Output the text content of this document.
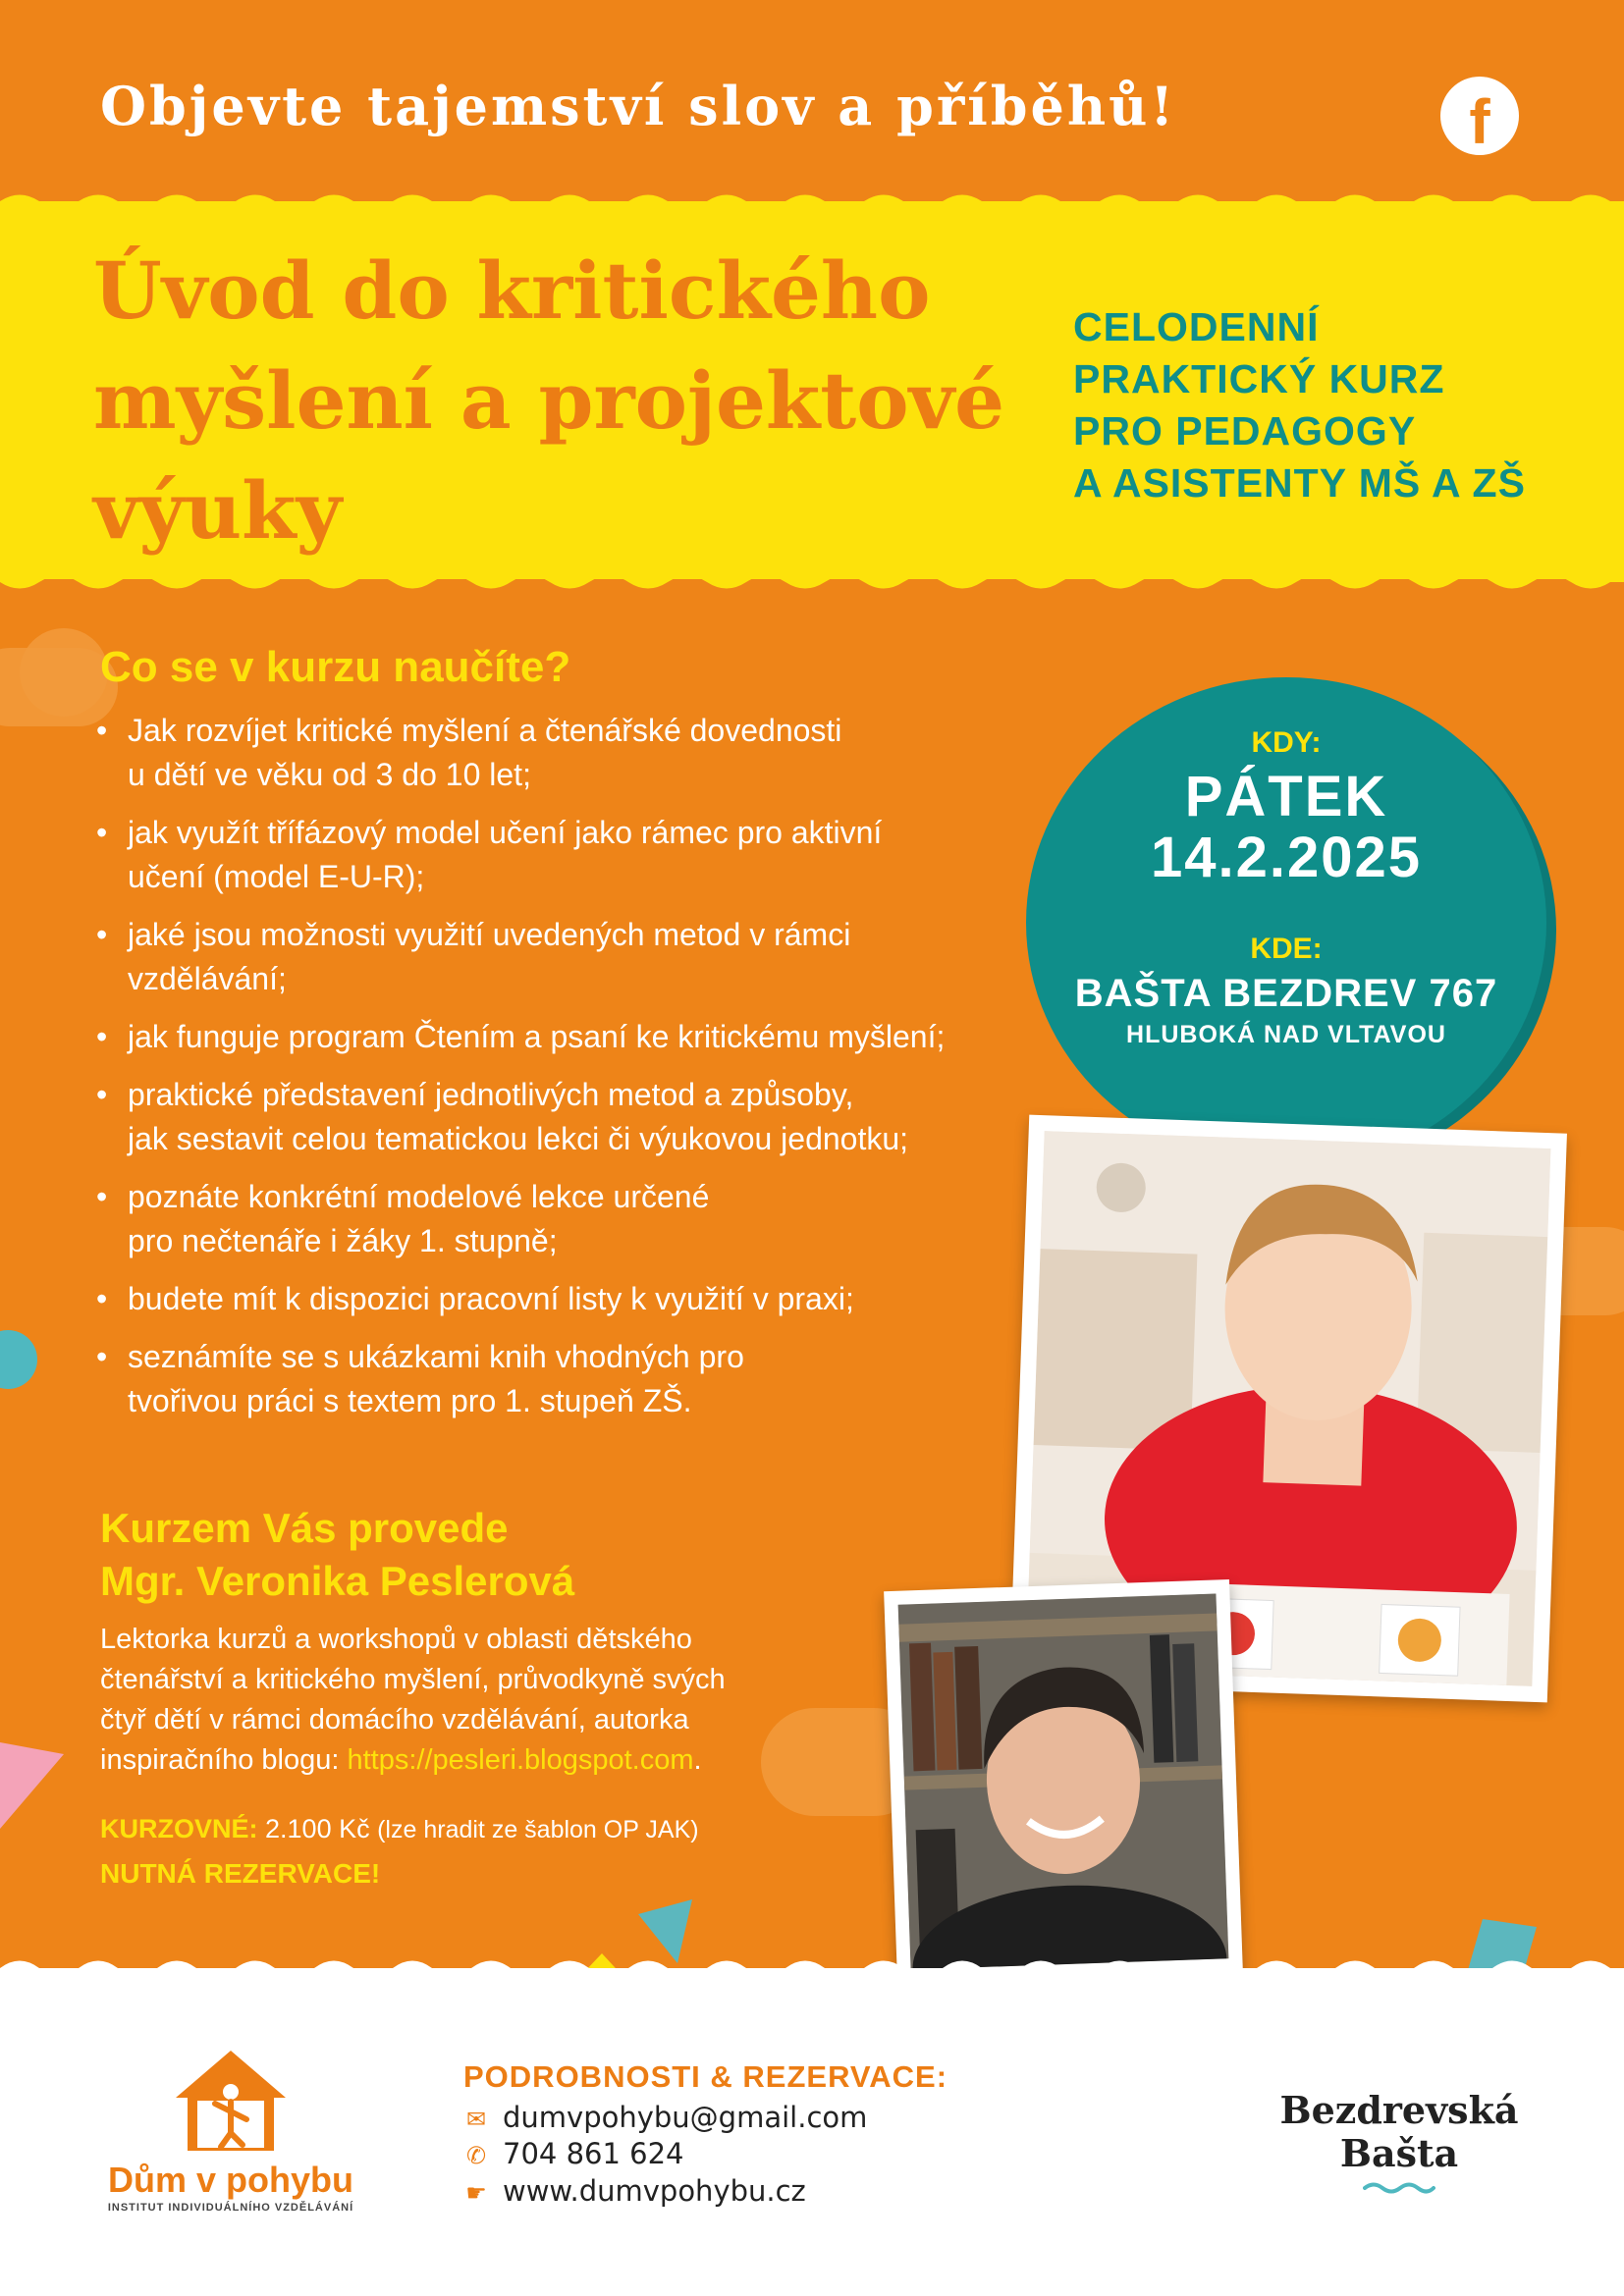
Objevte tajemství slov a příběhů!	f
Úvod do kritického
myšlení a projektové
výuky
CELODENNÍ
PRAKTICKÝ KURZ
PRO PEDAGOGY
A ASISTENTY MŠ A ZŠ
Co se v kurzu naučíte?
• Jak rozvíjet kritické myšlení a čtenářské dovednosti
u dětí ve věku od 3 do 10 let;
• jak využít třífázový model učení jako rámec pro aktivní
učení (model E-U-R);
• jaké jsou možnosti využití uvedených metod v rámci
vzdělávání;
• jak funguje program Čtením a psaní ke kritickému myšlení;
• praktické představení jednotlivých metod a způsoby,
jak sestavit celou tematickou lekci či výukovou jednotku;
• poznáte konkrétní modelové lekce určené
pro nečtenáře i žáky 1. stupně;
• budete mít k dispozici pracovní listy k využití v praxi;
• seznámíte se s ukázkami knih vhodných pro
tvořivou práci s textem pro 1. stupeň ZŠ.
KDY:
PÁTEK
14.2.2025
KDE:
BAŠTA BEZDREV 767
HLUBOKÁ NAD VLTAVOU
Kurzem Vás provede
Mgr. Veronika Peslerová
Lektorka kurzů a workshopů v oblasti dětského
čtenářství a kritického myšlení, průvodkyně svých
čtyř dětí v rámci domácího vzdělávání, autorka
inspiračního blogu: https://pesleri.blogspot.com.
KURZOVNÉ: 2.100 Kč (lze hradit ze šablon OP JAK)
NUTNÁ REZERVACE!
Dům v pohybu
INSTITUT INDIVIDUÁLNÍHO VZDĚLÁVÁNÍ
PODROBNOSTI & REZERVACE:
✉ dumvpohybu@gmail.com
✆ 704 861 624
☛ www.dumvpohybu.cz
Bezdrevská
Bašta
